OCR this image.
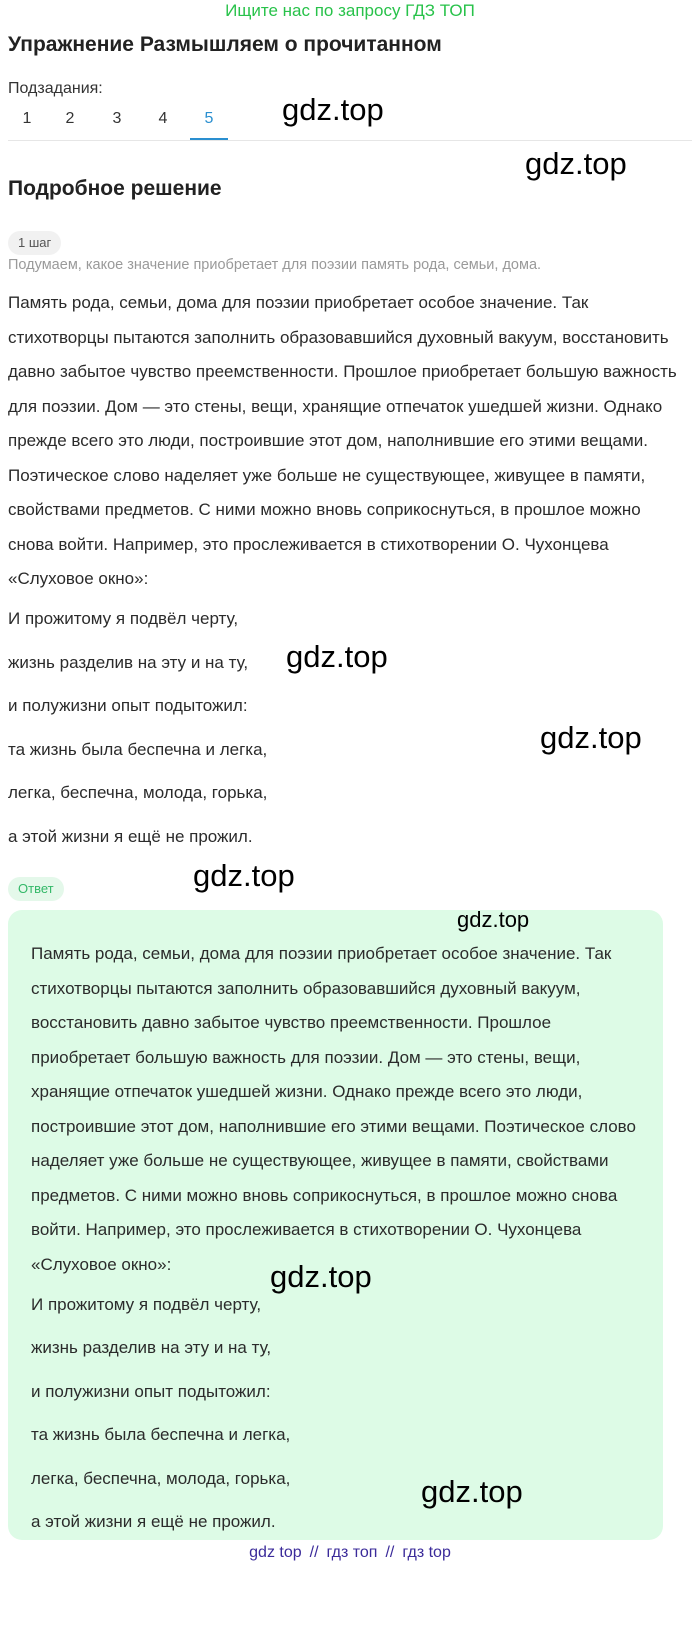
Ищите нас по запросу ГДЗ ТОП
Упражнение Размышляем о прочитанном
Подзадания:
1	2	3	4	5	gdz.top
gdz.top
Подробное решение
1 шаг
Подумаем, какое значение приобретает для поэзии память рода, семьи, дома.
Память рода, семьи, дома для поэзии приобретает особое значение. Так стихотворцы пытаются заполнить образовавшийся духовный вакуум, восстановить давно забытое чувство преемственности. Прошлое приобретает большую важность для поэзии. Дом — это стены, вещи, хранящие отпечаток ушедшей жизни. Однако прежде всего это люди, построившие этот дом, наполнившие его этими вещами. Поэтическое слово наделяет уже больше не существующее, живущее в памяти, свойствами предметов. С ними можно вновь соприкоснуться, в прошлое можно снова войти. Например, это прослеживается в стихотворении О. Чухонцева «Слуховое окно»:
И прожитому я подвёл черту,
жизнь разделив на эту и на ту,
и полужизни опыт подытожил:
та жизнь была беспечна и легка,
легка, беспечна, молода, горька,
а этой жизни я ещё не прожил.
gdz.top
gdz.top
gdz.top
Ответ
gdz.top
Память рода, семьи, дома для поэзии приобретает особое значение. Так стихотворцы пытаются заполнить образовавшийся духовный вакуум, восстановить давно забытое чувство преемственности. Прошлое приобретает большую важность для поэзии. Дом — это стены, вещи, хранящие отпечаток ушедшей жизни. Однако прежде всего это люди, построившие этот дом, наполнившие его этими вещами. Поэтическое слово наделяет уже больше не существующее, живущее в памяти, свойствами предметов. С ними можно вновь соприкоснуться, в прошлое можно снова войти. Например, это прослеживается в стихотворении О. Чухонцева «Слуховое окно»:
И прожитому я подвёл черту,
жизнь разделив на эту и на ту,
и полужизни опыт подытожил:
та жизнь была беспечна и легка,
легка, беспечна, молода, горька,
а этой жизни я ещё не прожил.
gdz.top
gdz.top
gdz top // гдз топ // гдз top
